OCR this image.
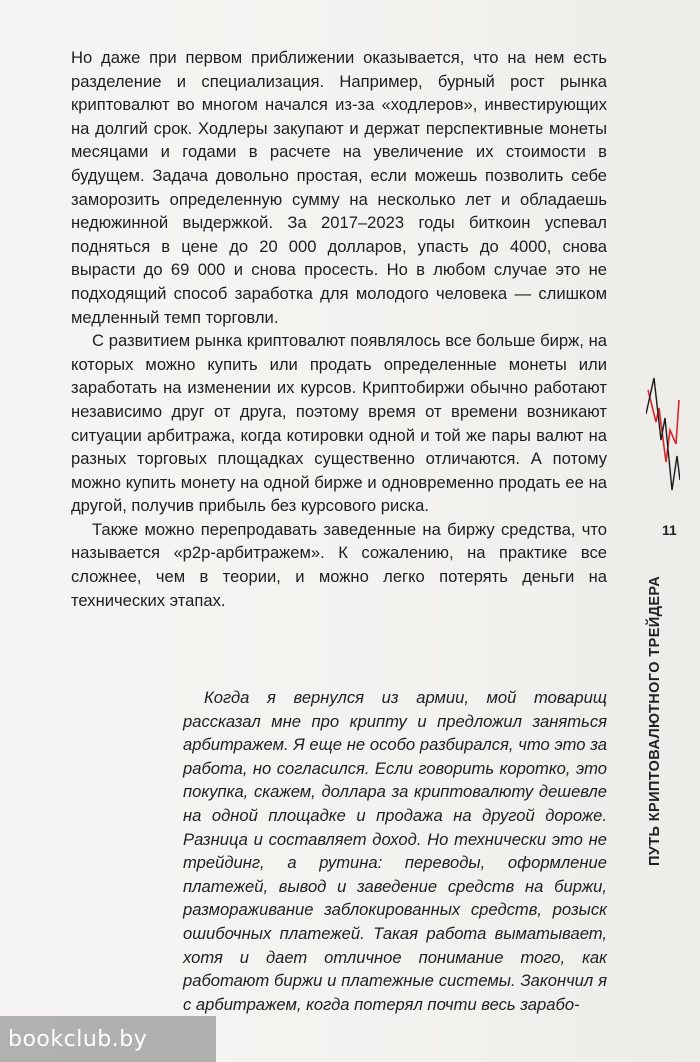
Но даже при первом приближении оказывается, что на нем есть разделение и специализация. Например, бурный рост рынка криптовалют во многом начался из-за «ходлеров», инвестирующих на долгий срок. Ходлеры закупают и держат перспективные монеты месяцами и годами в расчете на увеличение их стоимости в будущем. Задача довольно простая, если можешь позволить себе заморозить определенную сумму на несколько лет и обладаешь недюжинной выдержкой. За 2017–2023 годы биткоин успевал подняться в цене до 20 000 долларов, упасть до 4000, снова вырасти до 69 000 и снова просесть. Но в любом случае это не подходящий способ заработка для молодого человека — слишком медленный темп торговли.

С развитием рынка криптовалют появлялось все больше бирж, на которых можно купить или продать определенные монеты или заработать на изменении их курсов. Криптобиржи обычно работают независимо друг от друга, поэтому время от времени возникают ситуации арбитража, когда котировки одной и той же пары валют на разных торговых площадках существенно отличаются. А потому можно купить монету на одной бирже и одновременно продать ее на другой, получив прибыль без курсового риска.

Также можно перепродавать заведенные на биржу средства, что называется «p2p-арбитражем». К сожалению, на практике все сложнее, чем в теории, и можно легко потерять деньги на технических этапах.

Когда я вернулся из армии, мой товарищ рассказал мне про крипту и предложил заняться арбитражем. Я еще не особо разбирался, что это за работа, но согласился. Если говорить коротко, это покупка, скажем, доллара за криптовалюту дешевле на одной площадке и продажа на другой дороже. Разница и составляет доход. Но технически это не трейдинг, а рутина: переводы, оформление платежей, вывод и заведение средств на биржи, размораживание заблокированных средств, розыск ошибочных платежей. Такая работа выматывает, хотя и дает отличное понимание того, как работают биржи и платежные системы. Закончил я с арбитражем, когда потерял почти весь зарабо-

11
ПУТЬ КРИПТОВАЛЮТНОГО ТРЕЙДЕРА
bookclub.by
